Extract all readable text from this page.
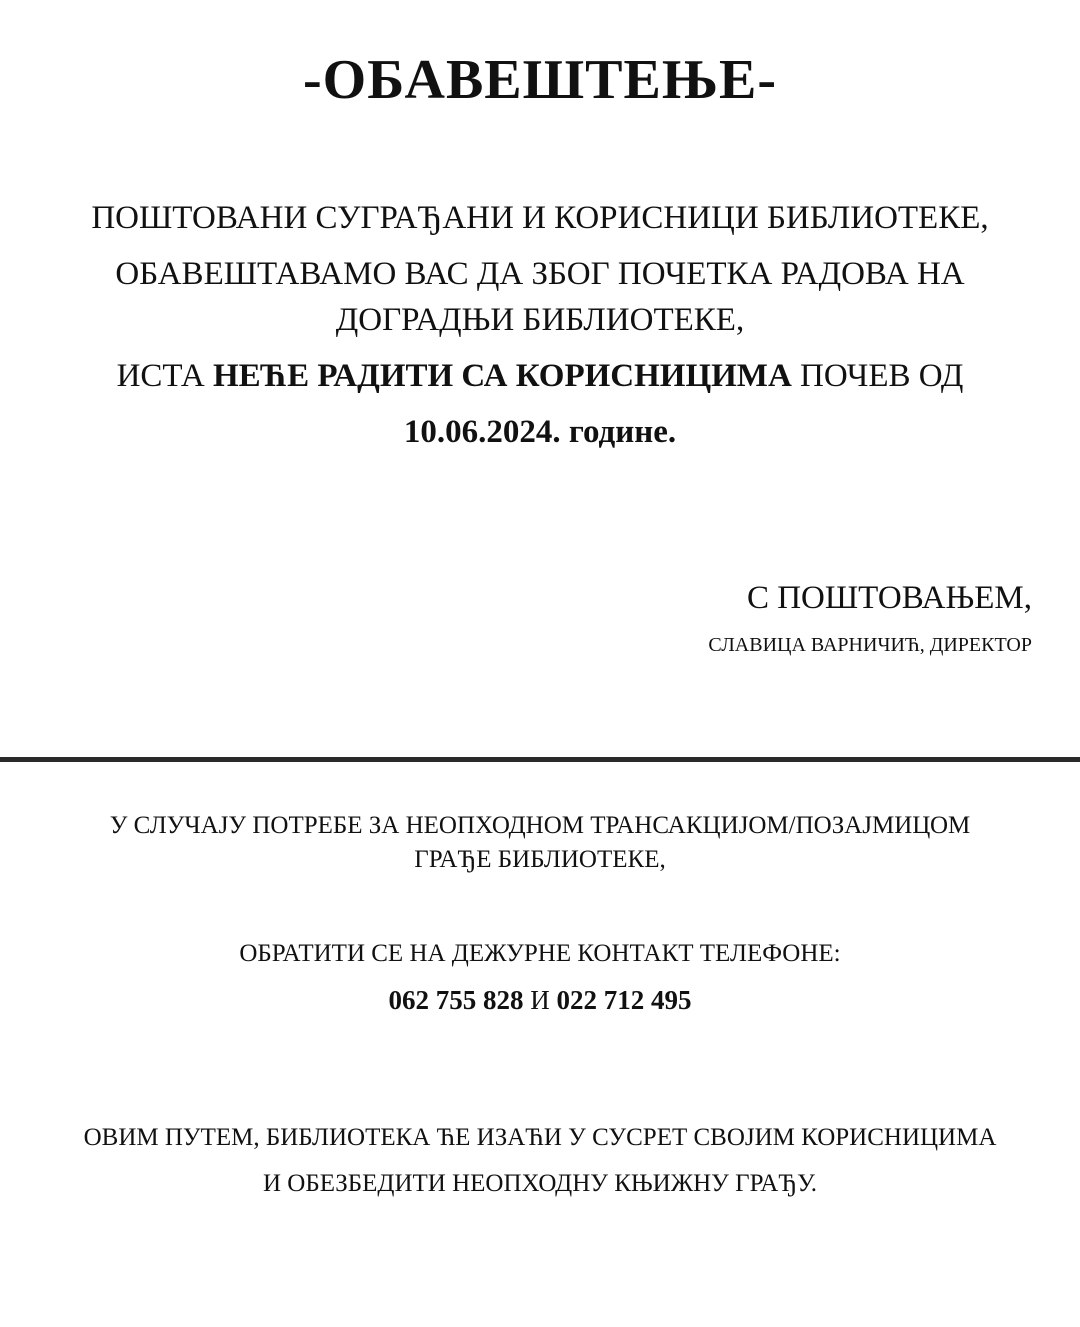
-ОБАВЕШТЕЊЕ-
ПОШТОВАНИ СУГРАЂАНИ И КОРИСНИЦИ БИБЛИОТЕКЕ,
ОБАВЕШТАВАМО ВАС ДА ЗБОГ ПОЧЕТКА РАДОВА НА
ДОГРАДЊИ БИБЛИОТЕКЕ,
ИСТА НЕЋЕ РАДИТИ СА КОРИСНИЦИМА ПОЧЕВ ОД
10.06.2024. године.
С ПОШТОВАЊЕМ,
СЛАВИЦА ВАРНИЧИЋ, ДИРЕКТОР
У СЛУЧАЈУ ПОТРЕБЕ ЗА НЕОПХОДНОМ ТРАНСАКЦИЈОМ/ПОЗАЈМИЦОМ
ГРАЂЕ БИБЛИОТЕКЕ,
ОБРАТИТИ СЕ НА ДЕЖУРНЕ КОНТАКТ ТЕЛЕФОНЕ:
062 755 828 И 022 712 495
ОВИМ ПУТЕМ, БИБЛИОТЕКА ЋЕ ИЗАЋИ У СУСРЕТ СВОЈИМ КОРИСНИЦИМА
И ОБЕЗБЕДИТИ НЕОПХОДНУ КЊИЖНУ ГРАЂУ.
